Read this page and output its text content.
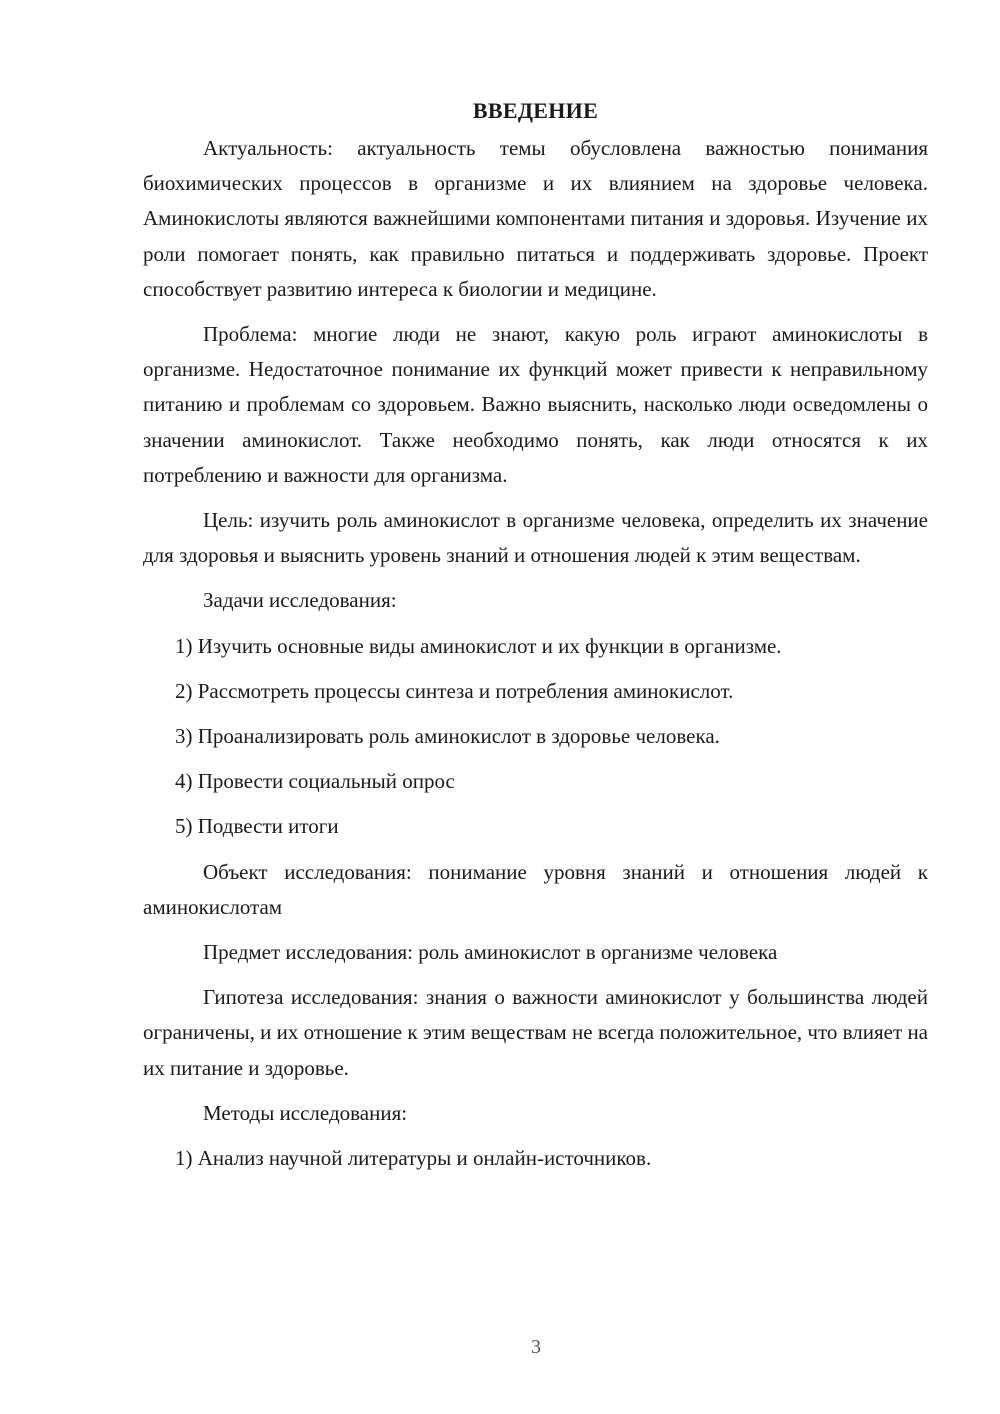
ВВЕДЕНИЕ

Актуальность: актуальность темы обусловлена важностью понимания биохимических процессов в организме и их влиянием на здоровье человека. Аминокислоты являются важнейшими компонентами питания и здоровья. Изучение их роли помогает понять, как правильно питаться и поддерживать здоровье. Проект способствует развитию интереса к биологии и медицине.

Проблема: многие люди не знают, какую роль играют аминокислоты в организме. Недостаточное понимание их функций может привести к неправильному питанию и проблемам со здоровьем. Важно выяснить, насколько люди осведомлены о значении аминокислот. Также необходимо понять, как люди относятся к их потреблению и важности для организма.

Цель: изучить роль аминокислот в организме человека, определить их значение для здоровья и выяснить уровень знаний и отношения людей к этим веществам.

Задачи исследования:
1) Изучить основные виды аминокислот и их функции в организме.
2) Рассмотреть процессы синтеза и потребления аминокислот.
3) Проанализировать роль аминокислот в здоровье человека.
4) Провести социальный опрос
5) Подвести итоги

Объект исследования: понимание уровня знаний и отношения людей к аминокислотам

Предмет исследования: роль аминокислот в организме человека

Гипотеза исследования: знания о важности аминокислот у большинства людей ограничены, и их отношение к этим веществам не всегда положительное, что влияет на их питание и здоровье.

Методы исследования:
1) Анализ научной литературы и онлайн-источников.
3
